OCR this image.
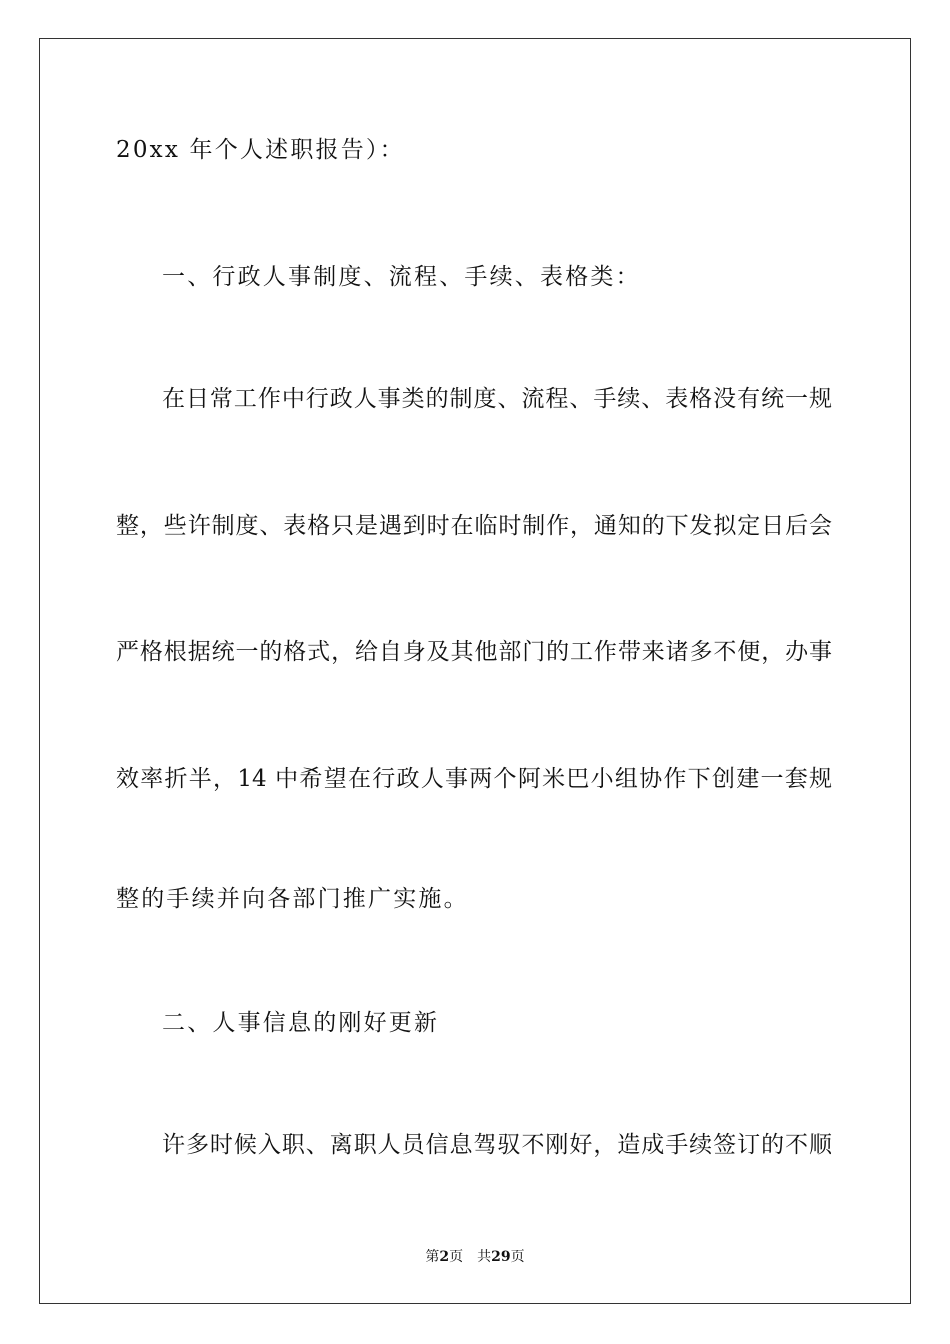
20xx 年个人述职报告）：
一、行政人事制度、流程、手续、表格类：
在日常工作中行政人事类的制度、流程、手续、表格没有统一规
整，些许制度、表格只是遇到时在临时制作，通知的下发拟定日后会
严格根据统一的格式，给自身及其他部门的工作带来诸多不便，办事
效率折半，14 中希望在行政人事两个阿米巴小组协作下创建一套规
整的手续并向各部门推广实施。
二、人事信息的刚好更新
许多时候入职、离职人员信息驾驭不刚好，造成手续签订的不顺
第2页 共29页
